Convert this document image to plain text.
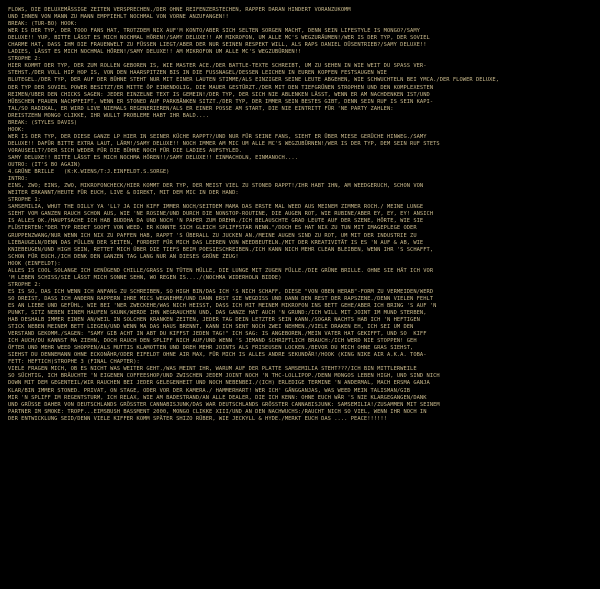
FLOWS, DIE DELUXEMÄSSIGE ZEITEN VERSPRECHEN./DER OHNE REIFENZERSTECHEN, RAPPER DARAN HINDERT VORANZUKOMM
UND IHNEN VON MANN ZU MANN EMPFIEHLT NOCHMAL VON VORNE ANZUFANGEN!!
BREAK: (TUR-BO) HOOK:
WER IS DER TYP, DER TOOO FANS HAT, TROTZDEM NIX AUF'M KONTO/ABER SICH SELTEN SORGEN MACHT, DENN SEIN LIFESTYLE IS MONGO?/SAMY
DELUXE!! YUP, BITTE LÄSST ES MICH NOCHMAL HÖREN!/SAMY DELUXE!! AM MIKROFON, UM ALLE MC'S WEGZURÄUMEN!/WER IS DER TYP, DER SOVIEL
CHARME HAT, DASS IHM DIE FRAUENWELT ZU FÜSSEN LIEGT/ABER DER NUR SEINEN RESPEKT WILL, ALS RAPS DANIEL DÜSENTRIEB?/SAMY DELUXE!!
LADIES, LÄSST ES MICH NOCHMAL HÖREN!/SAMY DELUXE!! AM MIKROFON UM ALLE MC'S WEGZUBÜRNEN!!
STROPHE 2:
HIER KOMMT DER TYP, DER ZUM ROLLEN GEBOREN IS, WIE MASTER ACE./DER BATTLE-TEXTE SCHREIBT, UM ZU SEHEN IN WIE WEIT DU SPASS VER-
STEHST./DER VOLL HIP HOP IS, VON DEN HAARSPITZEN BIS IN DIE FUSSNAGEL/DESSEN LEICHEN IN EUREN KOPFEN FESTSAUGEN WIE
BLUTEGEL./DER TYP, DER AUF DER BÜHNE STEHT NUR MIT EINER LAUTEN STIMME/ALS EINZIGER SEINE LEUTE ABGEHEN, WIE SCHWUCHTELN BEI YMCA./DER FLOWER DELUXE,
DER TYP DER SOVIEL POWER BESITZT/ER MITTE ÖP EINENDOLIG, DIE MAUER GESTÜRZT./DER MIT DEN TIEFGRÜNEN STROPHEN UND DEN KOMPLEXESTEN
REIMEN/UBER DEN CHICKS SAGEN: JEDER EINZELNE TEXT IS GEMEIN!/DER TYP, DER SICH NIE ABLENKEN LÄSST, WENN ER AM NACHDENKEN IST/UND
HÜBSCHEN FRAUEN NACHPFEIFT, WENN ER STONED AUF PARKBÄNKEN SITZT./DER TYP, DER IMMER SEIN BESTES GIBT, DENN SEIN RUF IS SEIN KAPI-
TAL/SO RADIKAL, ER WIRD LIVE NIEMALS REGENERIEREN/ALS ER EINER POSSE AM START, DIE NIE EINTRITT FÜR 'NE PARTY ZAHLEN:
DREISTZEHN MONGO CLIKKE, IHR WULLT PROBLEME HABT IHR BALD....
BREAK: (STYLES DAVIS)
HOOK:
WER IS DER TYP, DER DIESE GANZE LP HIER IN SEINER KÜCHE RAPPT?/UND NUR FÜR SEINE FANS, SIEHT ER ÜBER MIESE GERÜCHE HINWEG./SAMY
DELUXE!! DAFÜR BITTE EXTRA LAUT, LÄRM!/SAMY DELUXE!! NOCH IMMER AM MIC UM ALLE MC'S WEGZUBÜRNEN!/WER IS DER TYP, DEM SEIN RUF STETS
VORAUSEILT?/DER SICH WEDER FÜR DIE BÜHNE NOCH FÜR DIE LADIES AUFSTYLED.
SAMY DELUXE!! BITTE LÄSST ES MICH NOCHMA HÖREN!!/SAMY DELUXE!! EINMACHOLN, EINMANOCH....
OUTRO: (IT'S BO AGAIN)
4.GRÜNE BRILLE   (K:K.WIENS/T:J.EINFELDT.S.SORGE)
INTRO:
EINS, ZWO; EINS, ZWO, MIKROFONCHECK/HIER KOMMT DER TYP, DER MEIST VIEL ZU STONED RAPPT!/IHR HABT IHN, AM WEEDGERUCH, SCHON VON
WEITER ERKANNT/HEUTE FÜR EUCH, LIVE & DIREKT, MIT DEM MIC IN DER HAND:
STROPHE 1:
SAMSEMILIA, WHUT THE DILLY YA 'LL? JA ICH KIFF IMMER NOCH/SEITDEM MAMA DAS ERSTE MAL WEED AUS MEINEM ZIMMER ROCH./ MEINE LUNGE
SIEHT VOM GANZEN RAUCH SCHON AUS, WIE 'NE ROSINE/UND DURCH DIE NONSTOP-ROUTINE, DIE AUGEN ROT, WIE RUBINE/ABER EY, EY, EY! ANSICH
IS ALLES OK./HAUPTSACHE ICH HAB BUDDHA DA UND NOCH 'N PAPER ZUM DREHN./ICH BELAUSCHTE GRAD LEUTE AUF DER SZENE, HÖRTE, WIE SIE
FLÜSTERTEN:"DER TYP REDET SOOFT VON WEED, ER KONNTE SICH GLEICH SPLIFFSTAR NENN."/DOCH ES HAT NIX ZU TUN MIT IMAGEPLEGE ODER
GRUPPENZWANG/NUR WENN ICH NIX ZU PAFFEN HAB, RAPPT 'S ÜBERALL ZU JUCKEN AN./MEINE AUGEN SIND ZU ROT, UM MIT DER INDUSTRIE ZU
LIEBAUGELN/DENN DAS FÜLLEN DER SEITEN, FORDERT FÜR MICH DAS LEEREN VON WEEDBEUTELN./MIT DER KREATIVITÄT IS ES 'N AUF & AB, WIE
KNIEBEUGEN/UND HIGH SEIN, RETTET MICH ÜBER DIE TIEFS BEIM POESIESCHREIBEN./ICH KANN NICH MEHR CLEAN BLEIBEN, WENN IHR 'S SCHAFFT,
SCHON FÜR EUCH./ICH DENK DEN GANZEN TAG LANG NUR AN DIESES GRÜNE ZEUG!
HOOK (EINFELDT):
ALLES IS COOL SOLANGE ICH GENÜGEND CHILLE/GRASS IN TÜTEN HÜLLE, DIE LUNGE MIT ZUGEN FÜLLE./DIE GRÜNE BRILLE. OHNE SIE HÄT ICH VOR
'M LEBEN SCHISS/SIE LÄSST MICH SONNE SEHN, WO REGEN IS..../(NOCHMA WIDERHOLN BIDDE)
STROPHE 2:
ES IS SO, DAS ICH WENN ICH ANFANG ZU SCHREIBEN, SO HIGH BIN/DAS ICH 'S NICH SCHAFF, DIESE "VON OBEN HERAB"-FORM ZU VERMEIDEN/WERD
SO DREIST, DASS ICH ANDERN RAPPERN IHRE MICS WEGNEHME/UND DANN ERST SIE WEGDISS UND DANN DEN REST DER RAPSZENE./DENN VIELEN FEHLT
ES AN LIEBE UND GEFÜHL, WIE BEI 'NER ZWECKEHE/WAS NICH HEISST, DASS ICH MIT MEINEM MIKROFON INS BETT GEHE/ABER ICH BRING 'S AUF 'N
PUNKT, SITZ NEBEN EINEM HAUFEN SKUNK/WERDE IHN WEGRAUCHEN UND, DAS GANZE HAT AUCH 'N GRUND:/ICH WILL MIT JOINT IM MUND STERBEN,
HAB DESHALB IMMER EINEN AN/WEIL IN SOLCHEN KRANKEN ZEITEN, JEDER TAG DEIN LETZTER SEIN KANN./SOGAR NACHTS HAB ICH 'N HEFTIGEN
STICK NEBEN MEINEM BETT LIEGEN/UND WENN MA DAS HAUS BRENNT, KANN ICH SENT NOCH ZWEI NEHMEN./VIELE DRAKEN EH, ICH SEI UM DEN
VERSTAND GEKOMM./SAGEN: "SAMY GIB ACHT IN ABT DU KIFFST JEDEN TAG!" ICH SAG: IS ANGEBOREN./MEIN VATER HAT GEKIFFT, UND SO  KIFF
ICH AUCH/DU KANNST MA ZIEHN, DOCH RAUCH DEN SPLIFF NICH AUF/UND WENN 'S JEMAND SCHRIFTLICH BRAUCH:/ICH WERD NIE STOPPEN! GEH
ÖFTER UND MEHR WEED SHOPPEN/ALS MUTTIS KLAMOTTEN UND DREH MEHR JOINTS ALS FRISEUSEN LOCKEN./BEVOR DU MICH OHNE GRAS SIEHST,
SIEHST DU DENNEMANN OHNE ECKONÄHR/ODER EIFELDT OHNE AIR MAX, FÜR MICH IS ALLES ANDRE SEKUNDÄR!/HOOK (KING NIKE AIR A.K.A. TOBA-
FETT: HEFTICH)STROPHE 3 (FINAL CHAPTER):
VIELE FRAGEN MICH, OB ES NICHT WAS WEITER GEHT./WAS MEINT IHR, WARUM AUF DER PLATTE SAMSEMILIA STEHT???/ICH BIN MITTLERWEILE
SO SÜCHTIG, ICH BRÄUCHTE 'N EIGENEN COFFEESHOP/UND ZWISCHEN JEDEM JOINT NOCH 'N THC-LOLLIPOP./DENN MONGOS LEBEN HIGH, UND SIND NICH
DOWN MIT DEM GEGENTEIL/WIR RAUCHEN BEI JEDER GELEGENHEIT UND NOCH NEBENBEI./(ICH) ERLEDIGE TERMINE 'N ANDERMAL, MACH ERSMA GANJA
KLAR/BIN IMMER STONED. PRIVAT, ON STAGE, ODER VOR DER KAMERA./ HAMMERHART! WER ICH' GÄNGGANJAS, WAS WEED MEIN TALISMAN/GIB
MIR 'N SPLIFF IM REGENTSTURM, ICH RELAX, WIE AM BADESTRAND/AN ALLE DEALER, DIE ICH KENN: OHNE EUCH WÄR 'S NIE KLARGEGANGEN/DANK
UND GRÜSSE DAHER VON DEUTSCHLANDS GRÖSSTER CANNABISJUNK/DAS WAR DEUTSCHLANDS GRÖSSTER CANNABISJUNK: SAMSEMILIA!/ZUSAMMEN MIT SEINEM
PARTNER IM SMOKE: TROPF...EIMSBUSH BASSMENT 2000, MONGO CLIKKE XIII/UND AN DEN NACHWUCHS:/RAUCHT NICH SO VIEL, WENN IHR NOCH IN
DER ENTWICKLUNG SEID/DENN VIELE KIFFER KOMM SPÄTER SHIZO RÜBER, WIE JECKYLL & HYDE./MERKT EUCH DAS .... PEACE!!!!!!
